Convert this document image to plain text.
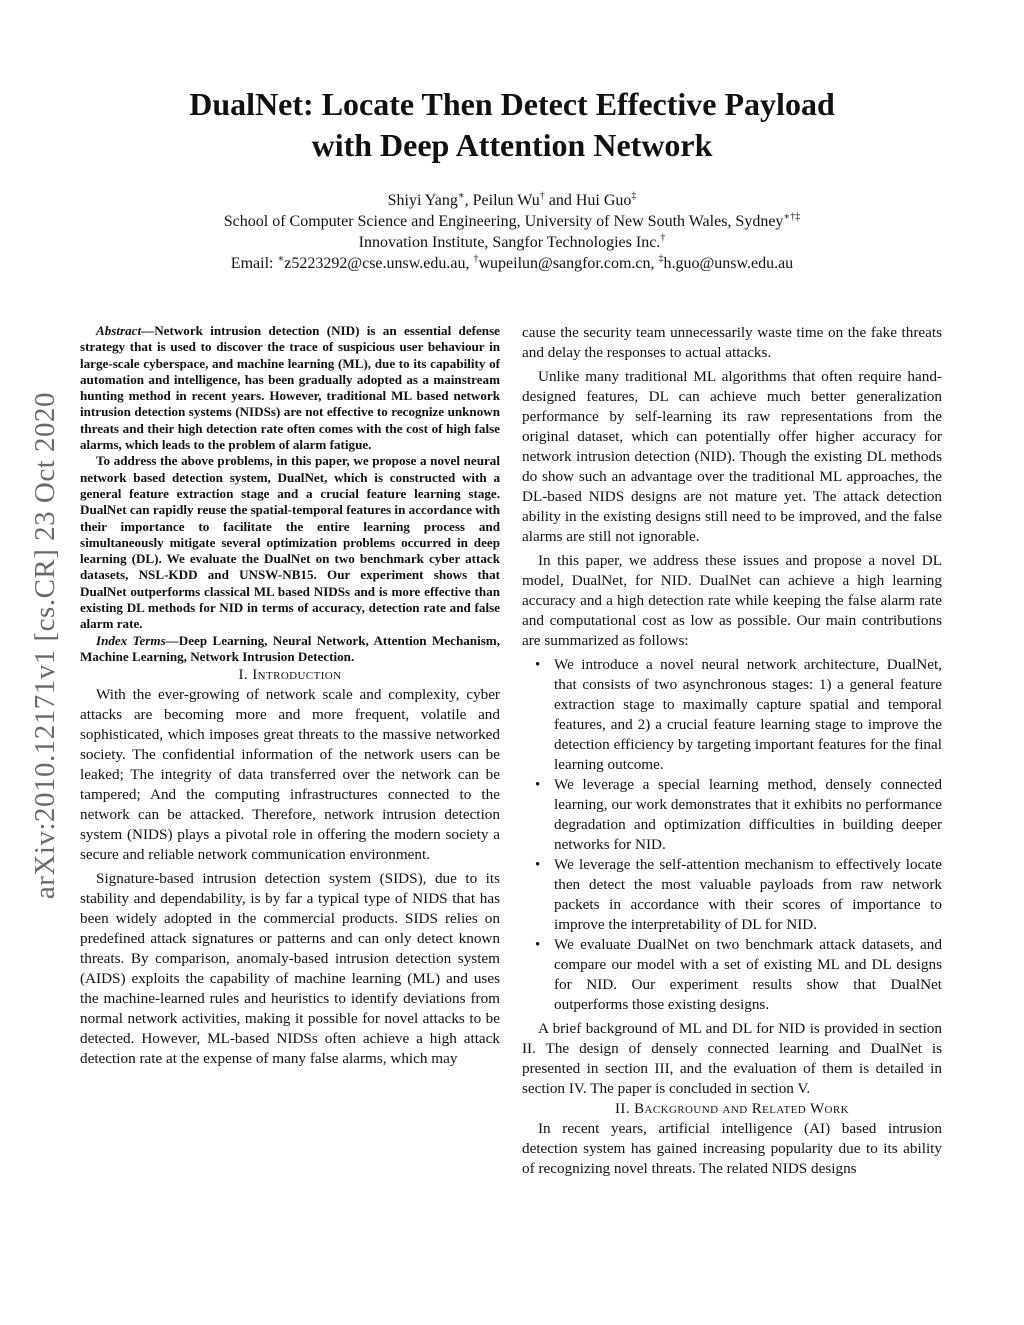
arXiv:2010.12171v1 [cs.CR] 23 Oct 2020
DualNet: Locate Then Detect Effective Payload
with Deep Attention Network
Shiyi Yang∗, Peilun Wu† and Hui Guo‡
School of Computer Science and Engineering, University of New South Wales, Sydney∗†‡
Innovation Institute, Sangfor Technologies Inc.†
Email: ∗z5223292@cse.unsw.edu.au, †wupeilun@sangfor.com.cn, ‡h.guo@unsw.edu.au

Abstract—Network intrusion detection (NID) is an essential defense strategy that is used to discover the trace of suspicious user behaviour in large-scale cyberspace, and machine learning (ML), due to its capability of automation and intelligence, has been gradually adopted as a mainstream hunting method in recent years. However, traditional ML based network intrusion detection systems (NIDSs) are not effective to recognize unknown threats and their high detection rate often comes with the cost of high false alarms, which leads to the problem of alarm fatigue.

To address the above problems, in this paper, we propose a novel neural network based detection system, DualNet, which is constructed with a general feature extraction stage and a crucial feature learning stage. DualNet can rapidly reuse the spatial-temporal features in accordance with their importance to facilitate the entire learning process and simultaneously mitigate several optimization problems occurred in deep learning (DL). We evaluate the DualNet on two benchmark cyber attack datasets, NSL-KDD and UNSW-NB15. Our experiment shows that DualNet outperforms classical ML based NIDSs and is more effective than existing DL methods for NID in terms of accuracy, detection rate and false alarm rate.

Index Terms—Deep Learning, Neural Network, Attention Mechanism, Machine Learning, Network Intrusion Detection.

I. Introduction

With the ever-growing of network scale and complexity, cyber attacks are becoming more and more frequent, volatile and sophisticated, which imposes great threats to the massive networked society. The confidential information of the network users can be leaked; The integrity of data transferred over the network can be tampered; And the computing infrastructures connected to the network can be attacked. Therefore, network intrusion detection system (NIDS) plays a pivotal role in offering the modern society a secure and reliable network communication environment.

Signature-based intrusion detection system (SIDS), due to its stability and dependability, is by far a typical type of NIDS that has been widely adopted in the commercial products. SIDS relies on predefined attack signatures or patterns and can only detect known threats. By comparison, anomaly-based intrusion detection system (AIDS) exploits the capability of machine learning (ML) and uses the machine-learned rules and heuristics to identify deviations from normal network activities, making it possible for novel attacks to be detected. However, ML-based NIDSs often achieve a high attack detection rate at the expense of many false alarms, which may

cause the security team unnecessarily waste time on the fake threats and delay the responses to actual attacks.

Unlike many traditional ML algorithms that often require hand-designed features, DL can achieve much better generalization performance by self-learning its raw representations from the original dataset, which can potentially offer higher accuracy for network intrusion detection (NID). Though the existing DL methods do show such an advantage over the traditional ML approaches, the DL-based NIDS designs are not mature yet. The attack detection ability in the existing designs still need to be improved, and the false alarms are still not ignorable.

In this paper, we address these issues and propose a novel DL model, DualNet, for NID. DualNet can achieve a high learning accuracy and a high detection rate while keeping the false alarm rate and computational cost as low as possible. Our main contributions are summarized as follows:

• We introduce a novel neural network architecture, DualNet, that consists of two asynchronous stages: 1) a general feature extraction stage to maximally capture spatial and temporal features, and 2) a crucial feature learning stage to improve the detection efficiency by targeting important features for the final learning outcome.
• We leverage a special learning method, densely connected learning, our work demonstrates that it exhibits no performance degradation and optimization difficulties in building deeper networks for NID.
• We leverage the self-attention mechanism to effectively locate then detect the most valuable payloads from raw network packets in accordance with their scores of importance to improve the interpretability of DL for NID.
• We evaluate DualNet on two benchmark attack datasets, and compare our model with a set of existing ML and DL designs for NID. Our experiment results show that DualNet outperforms those existing designs.

A brief background of ML and DL for NID is provided in section II. The design of densely connected learning and DualNet is presented in section III, and the evaluation of them is detailed in section IV. The paper is concluded in section V.

II. Background and Related Work

In recent years, artificial intelligence (AI) based intrusion detection system has gained increasing popularity due to its ability of recognizing novel threats. The related NIDS designs
